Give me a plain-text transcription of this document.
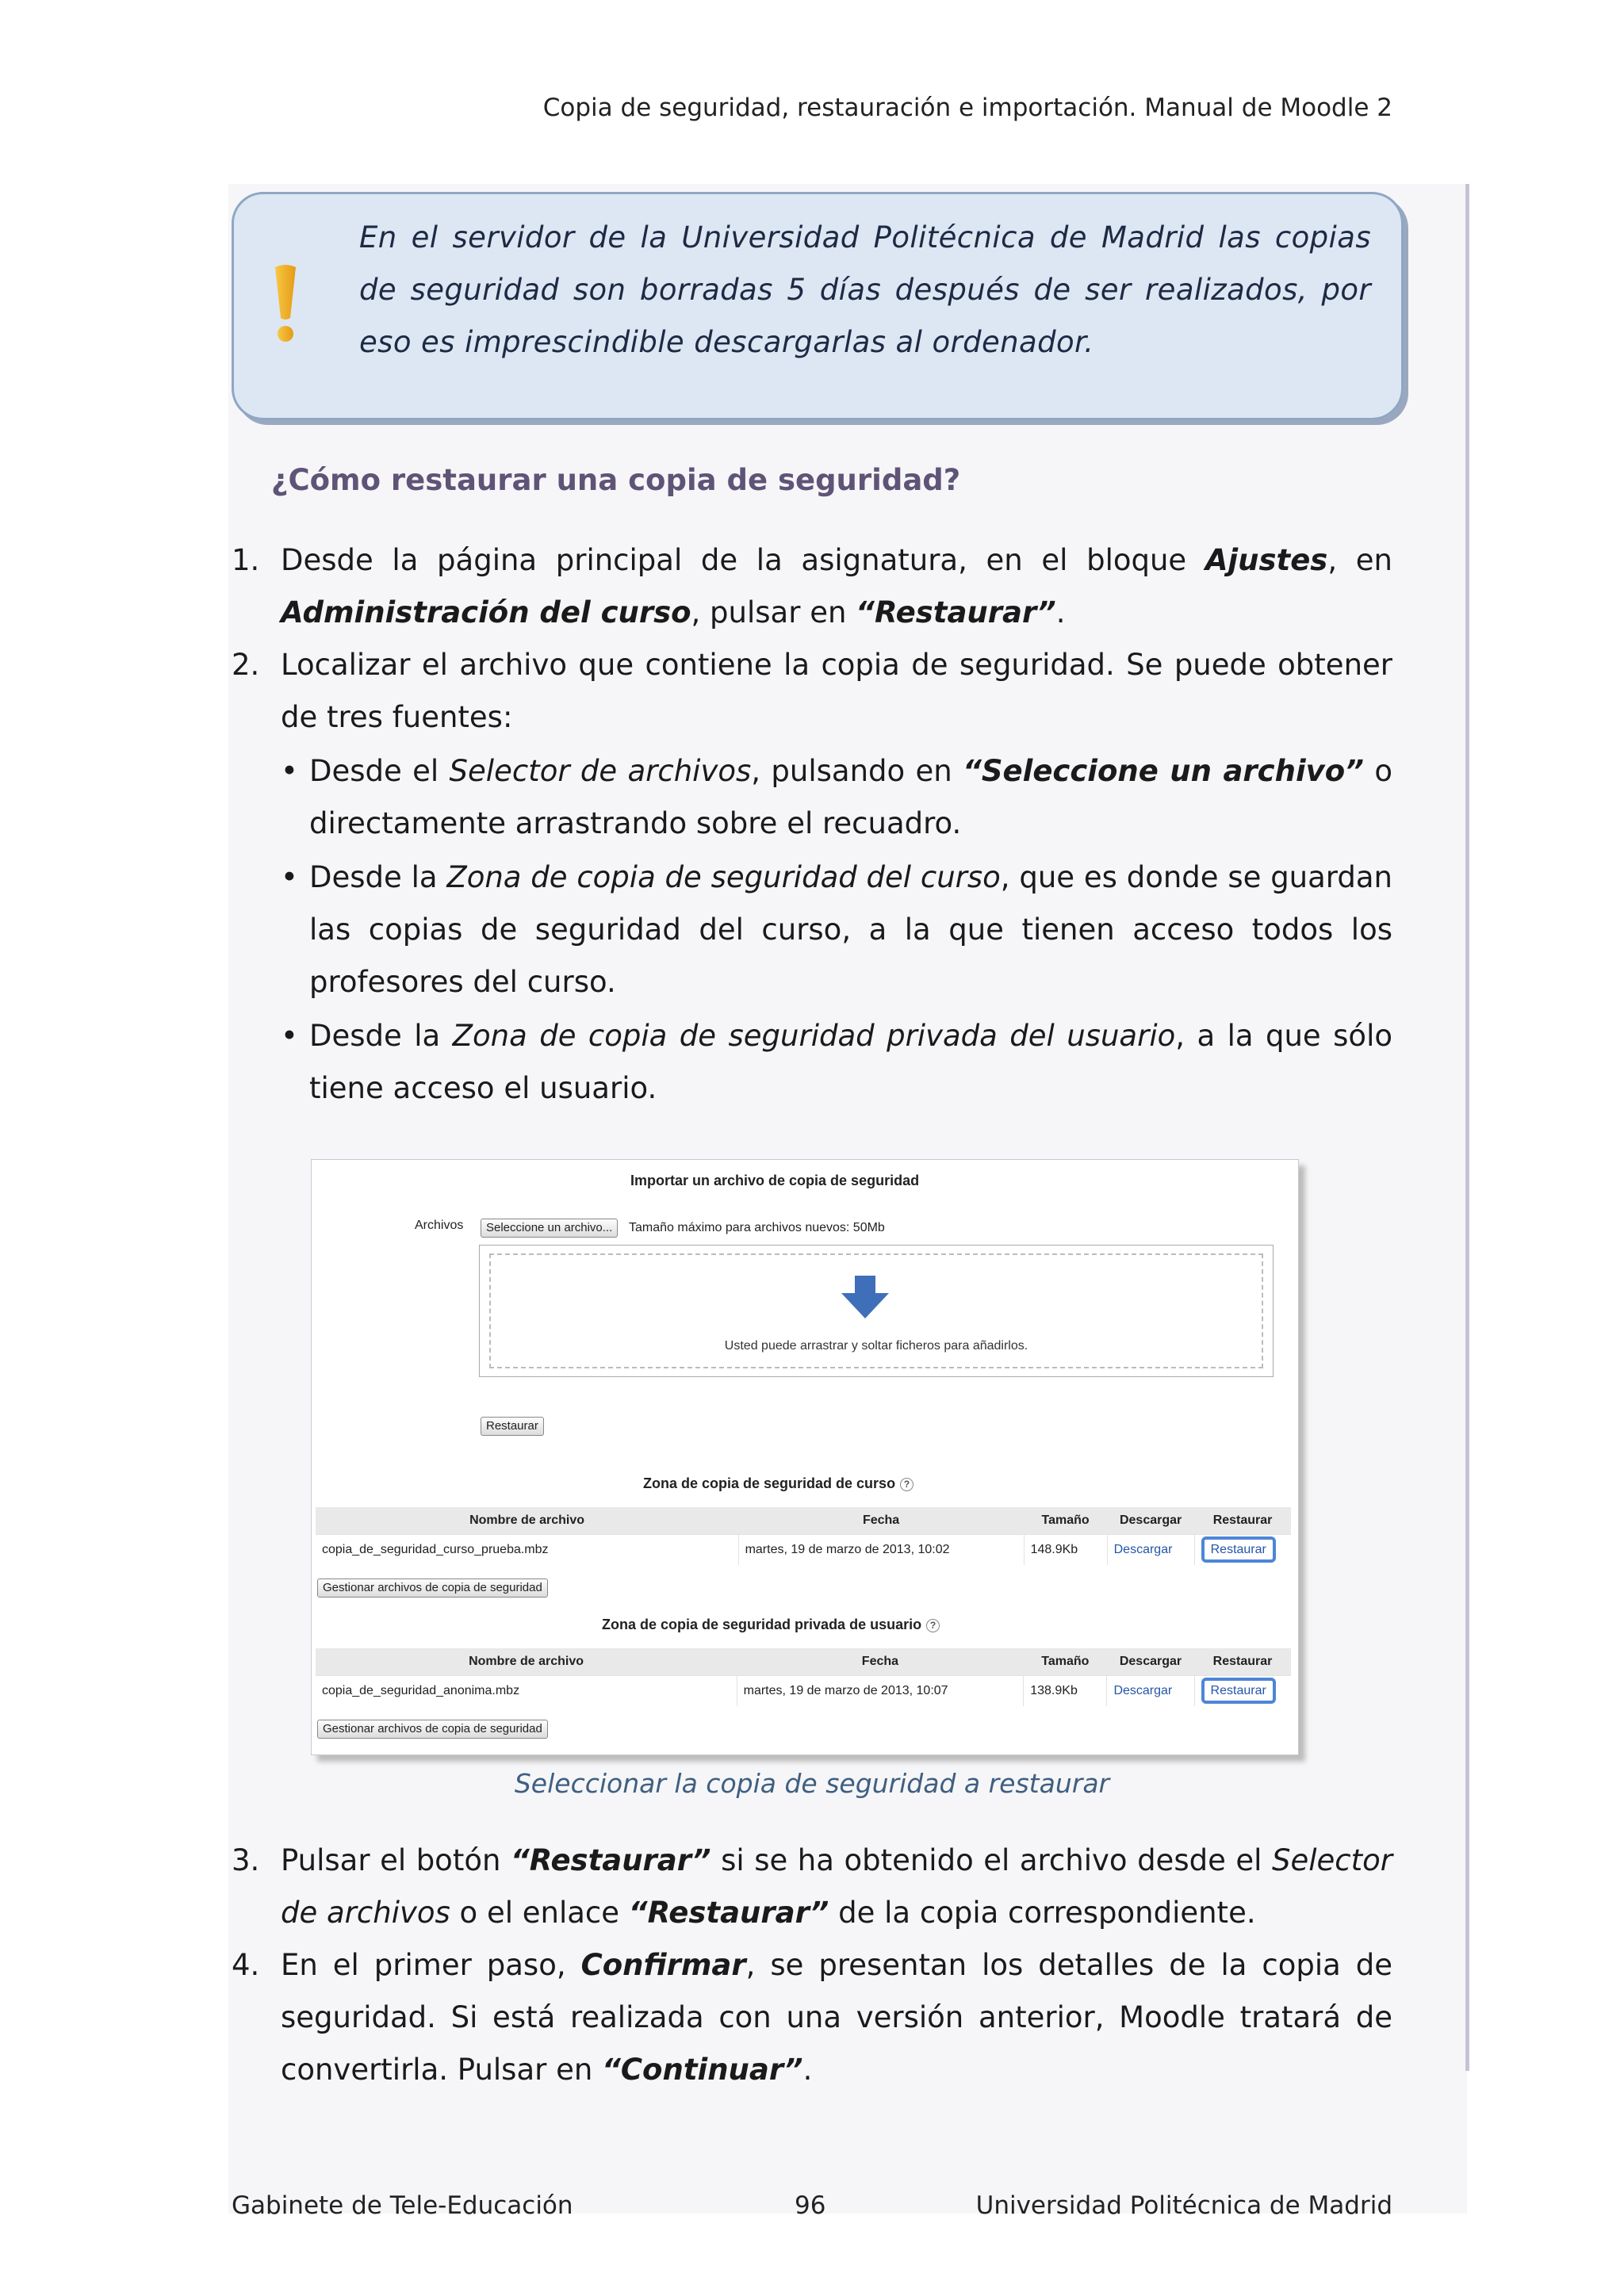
Copia de seguridad, restauración e importación. Manual de Moodle 2

En el servidor de la Universidad Politécnica de Madrid las copias de seguridad son borradas 5 días después de ser realizados, por eso es imprescindible descargarlas al ordenador.

¿Cómo restaurar una copia de seguridad?
1. Desde la página principal de la asignatura, en el bloque Ajustes, en Administración del curso, pulsar en “Restaurar”.
2. Localizar el archivo que contiene la copia de seguridad. Se puede obtener de tres fuentes:
• Desde el Selector de archivos, pulsando en “Seleccione un archivo” o directamente arrastrando sobre el recuadro.
• Desde la Zona de copia de seguridad del curso, que es donde se guardan las copias de seguridad del curso, a la que tienen acceso todos los profesores del curso.
• Desde la Zona de copia de seguridad privada del usuario, a la que sólo tiene acceso el usuario.
Importar un archivo de copia de seguridad
Archivos	Seleccione un archivo...	Tamaño máximo para archivos nuevos: 50Mb
Usted puede arrastrar y soltar ficheros para añadirlos.
Restaurar
Zona de copia de seguridad de curso ?
Nombre de archivo	Fecha	Tamaño	Descargar	Restaurar
copia_de_seguridad_curso_prueba.mbz	martes, 19 de marzo de 2013, 10:02	148.9Kb	Descargar	Restaurar
Gestionar archivos de copia de seguridad
Zona de copia de seguridad privada de usuario ?
Nombre de archivo	Fecha	Tamaño	Descargar	Restaurar
copia_de_seguridad_anonima.mbz	martes, 19 de marzo de 2013, 10:07	138.9Kb	Descargar	Restaurar
Gestionar archivos de copia de seguridad
Seleccionar la copia de seguridad a restaurar
3. Pulsar el botón “Restaurar” si se ha obtenido el archivo desde el Selector de archivos o el enlace “Restaurar” de la copia correspondiente.
4. En el primer paso, Confirmar, se presentan los detalles de la copia de seguridad. Si está realizada con una versión anterior, Moodle tratará de convertirla. Pulsar en “Continuar”.
Gabinete de Tele-Educación	96	Universidad Politécnica de Madrid
